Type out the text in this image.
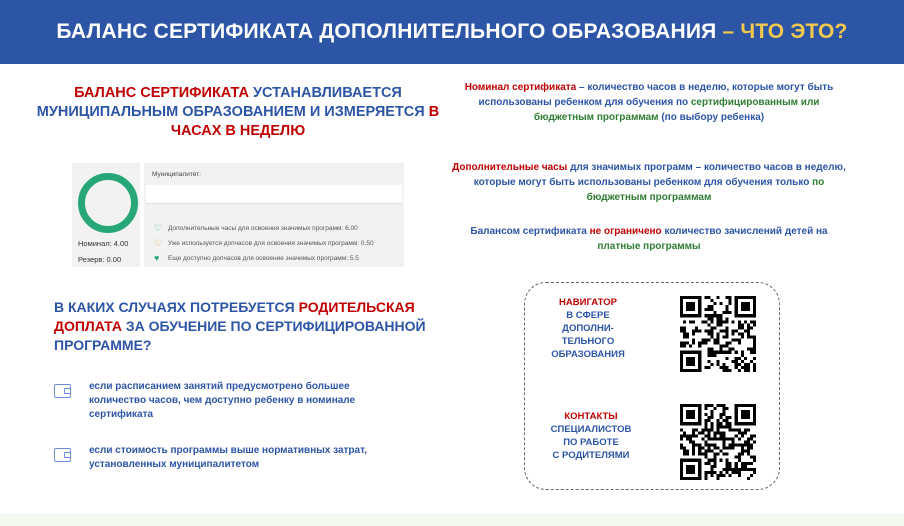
БАЛАНС СЕРТИФИКАТА ДОПОЛНИТЕЛЬНОГО ОБРАЗОВАНИЯ – ЧТО ЭТО?
БАЛАНС СЕРТИФИКАТА УСТАНАВЛИВАЕТСЯ МУНИЦИПАЛЬНЫМ ОБРАЗОВАНИЕМ И ИЗМЕРЯЕТСЯ В ЧАСАХ В НЕДЕЛЮ
Номинал: 4.00
Резерв: 0.00
Муниципалитет:
♡ Дополнительные часы для освоения значимых программ: 6.00
♡ Уже используется допчасов для освоения значимых программ: 0.50
♥	Еще доступно допчасов для освоение значимых программ: 5.5
В КАКИХ СЛУЧАЯХ ПОТРЕБУЕТСЯ РОДИТЕЛЬСКАЯ ДОПЛАТА ЗА ОБУЧЕНИЕ ПО СЕРТИФИЦИРОВАННОЙ ПРОГРАММЕ?
если расписанием занятий предусмотрено большее количество часов, чем доступно ребенку в номинале сертификата
если стоимость программы выше нормативных затрат, установленных муниципалитетом
Номинал сертификата – количество часов в неделю, которые могут быть использованы ребенком для обучения по сертифицированным или бюджетным программам (по выбору ребенка)
Дополнительные часы для значимых программ – количество часов в неделю, которые могут быть использованы ребенком для обучения только по бюджетным программам
Балансом сертификата не ограничено количество зачислений детей на платные программы
НАВИГАТОР
В СФЕРЕ
ДОПОЛНИ-
ТЕЛЬНОГО
ОБРАЗОВАНИЯ
КОНТАКТЫ
СПЕЦИАЛИСТОВ
ПО РАБОТЕ
С РОДИТЕЛЯМИ
